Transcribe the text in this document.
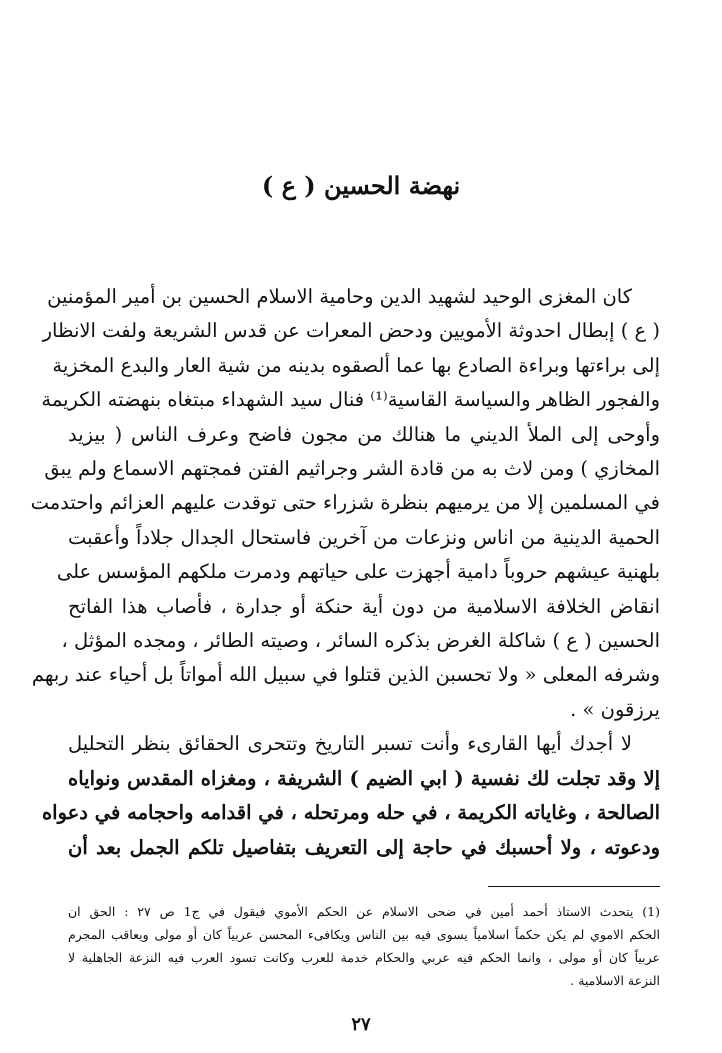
نهضة الحسين ( ع )
كان المغزى الوحيد لشهيد الدين وحامية الاسلام الحسين بن أمير المؤمنين
( ع ) إبطال احدوثة الأمويين ودحض المعرات عن قدس الشريعة ولفت الانظار
إلى براءتها وبراءة الصادع بها عما ألصقوه بدينه من شية العار والبدع المخزية
والفجور الظاهر والسياسة القاسية⁽¹⁾ فنال سيد الشهداء مبتغاه بنهضته الكريمة
وأوحى إلى الملأ الديني ما هنالك من مجون فاضح وعرف الناس ( بيزيد
المخازي ) ومن لاث به من قادة الشر وجراثيم الفتن فمجتهم الاسماع ولم يبق
في المسلمين إلا من يرميهم بنظرة شزراء حتى توقدت عليهم العزائم واحتدمت
الحمية الدينية من اناس ونزعات من آخرين فاستحال الجدال جلاداً وأعقبت
بلهنية عيشهم حروباً دامية أجهزت على حياتهم ودمرت ملكهم المؤسس على
انقاض الخلافة الاسلامية من دون أية حنكة أو جدارة ، فأصاب هذا الفاتح
الحسين ( ع ) شاكلة الغرض بذكره السائر ، وصيته الطائر ، ومجده المؤثل ،
وشرفه المعلى « ولا تحسبن الذين قتلوا في سبيل الله أمواتاً بل أحياء عند ربهم
يرزقون » .
لا أجدك أيها القارىء وأنت تسبر التاريخ وتتحرى الحقائق بنظر التحليل
إلا وقد تجلت لك نفسية ( ابي الضيم ) الشريفة ، ومغزاه المقدس ونواياه
الصالحة ، وغاياته الكريمة ، في حله ومرتحله ، في اقدامه واحجامه في دعواه
ودعوته ، ولا أحسبك في حاجة إلى التعريف بتفاصيل تلكم الجمل بعد أن
(1) يتحدث الاستاذ أحمد أمين في ضحى الاسلام عن الحكم الأموي فيقول في ج1 ص ٢٧ : الحق ان
الحكم الاموي لم يكن حكماً اسلامياً يسوى فيه بين الناس ويكافىء المحسن عربياً كان أو مولى ويعاقب المجرم
عربياً كان أو مولى ، وانما الحكم فيه عربي والحكام خدمة للعرب وكانت تسود العرب فيه النزعة الجاهلية لا
النزعة الاسلامية .
٢٧
